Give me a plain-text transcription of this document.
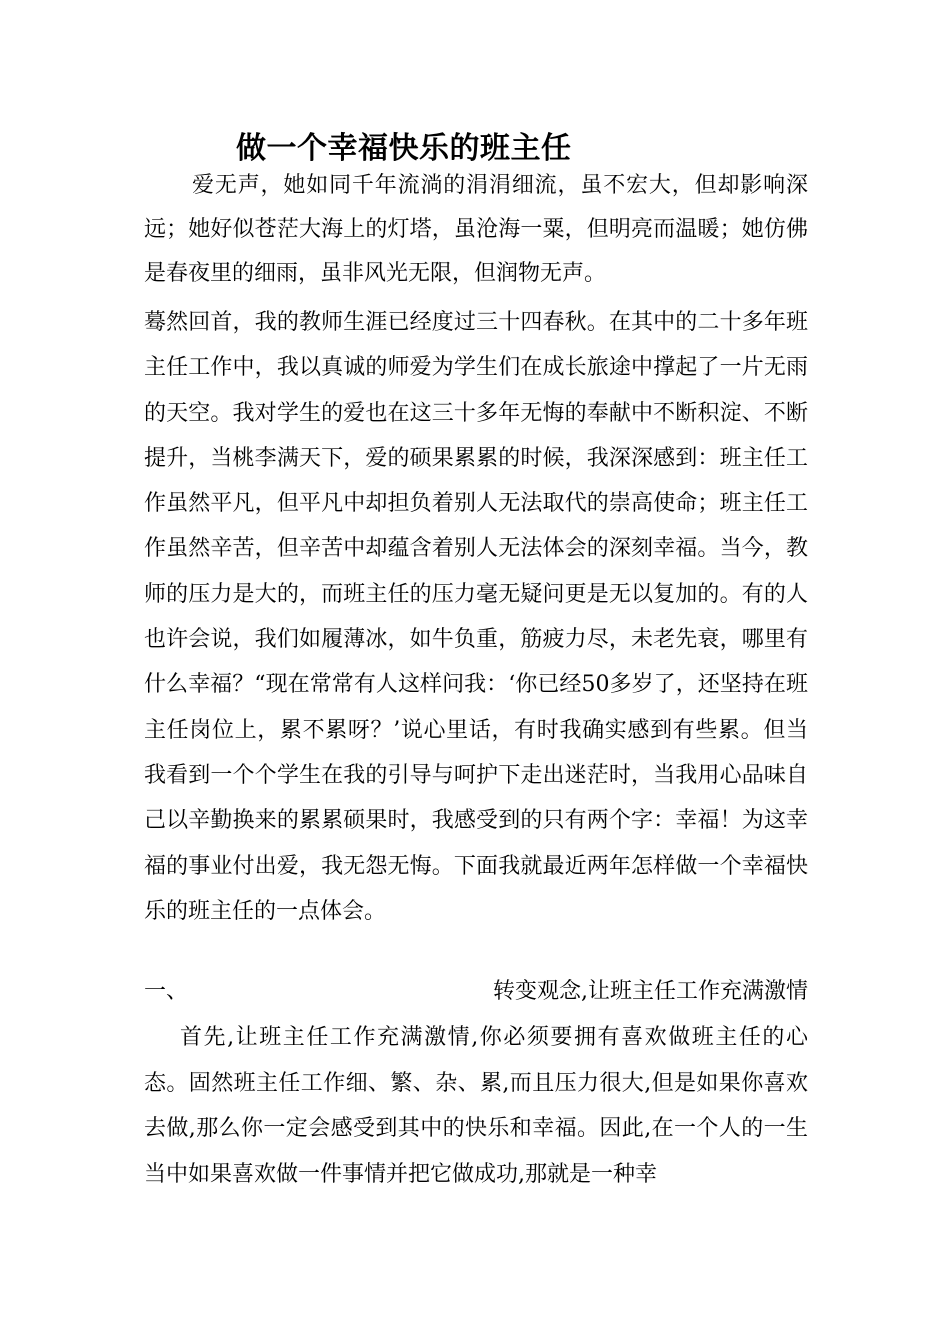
做一个幸福快乐的班主任

爱无声，她如同千年流淌的涓涓细流，虽不宏大，但却影响深远；她好似苍茫大海上的灯塔，虽沧海一粟，但明亮而温暖；她仿佛是春夜里的细雨，虽非风光无限，但润物无声。

蓦然回首，我的教师生涯已经度过三十四春秋。在其中的二十多年班主任工作中，我以真诚的师爱为学生们在成长旅途中撑起了一片无雨的天空。我对学生的爱也在这三十多年无悔的奉献中不断积淀、不断提升，当桃李满天下，爱的硕果累累的时候，我深深感到：班主任工作虽然平凡，但平凡中却担负着别人无法取代的崇高使命；班主任工作虽然辛苦，但辛苦中却蕴含着别人无法体会的深刻幸福。当今，教师的压力是大的，而班主任的压力毫无疑问更是无以复加的。有的人也许会说，我们如履薄冰，如牛负重，筋疲力尽，未老先衰，哪里有什么幸福？“现在常常有人这样问我：‘你已经50多岁了，还坚持在班主任岗位上，累不累呀？’说心里话，有时我确实感到有些累。但当我看到一个个学生在我的引导与呵护下走出迷茫时，当我用心品味自己以辛勤换来的累累硕果时，我感受到的只有两个字：幸福！为这幸福的事业付出爱，我无怨无悔。下面我就最近两年怎样做一个幸福快乐的班主任的一点体会。

一、	转变观念,让班主任工作充满激情

首先,让班主任工作充满激情,你必须要拥有喜欢做班主任的心态。固然班主任工作细、繁、杂、累,而且压力很大,但是如果你喜欢去做,那么你一定会感受到其中的快乐和幸福。因此,在一个人的一生当中如果喜欢做一件事情并把它做成功,那就是一种幸
